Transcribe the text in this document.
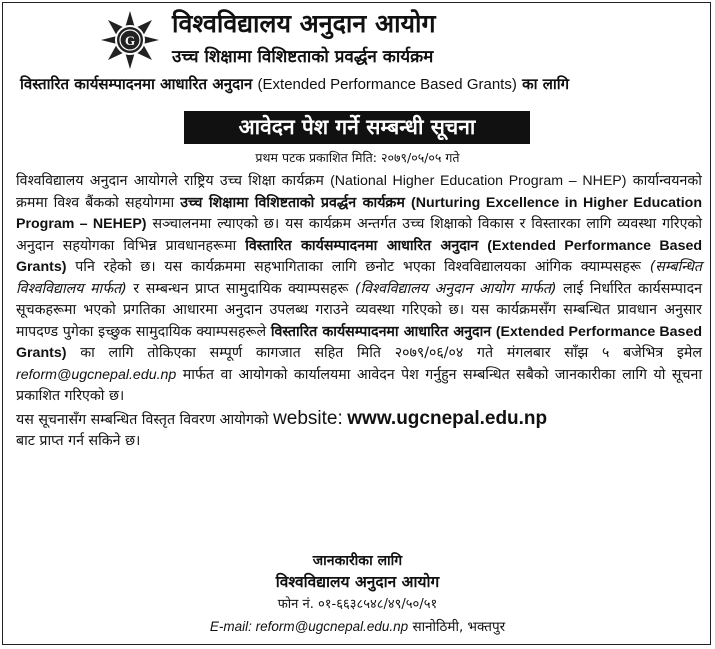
G
विश्वविद्यालय अनुदान आयोग
उच्च शिक्षामा विशिष्टताको प्रवर्द्धन कार्यक्रम
विस्तारित कार्यसम्पादनमा आधारित अनुदान (Extended Performance Based Grants) का लागि
आवेदन पेश गर्ने सम्बन्धी सूचना
प्रथम पटक प्रकाशित मिति: २०७९/०५/०५ गते

विश्वविद्यालय अनुदान आयोगले राष्ट्रिय उच्च शिक्षा कार्यक्रम (National Higher Education Program – NHEP) कार्यान्वयनको क्रममा विश्व बैंकको सहयोगमा उच्च शिक्षामा विशिष्टताको प्रवर्द्धन कार्यक्रम (Nurturing Excellence in Higher Education Program – NEHEP) सञ्चालनमा ल्याएको छ। यस कार्यक्रम अन्तर्गत उच्च शिक्षाको विकास र विस्तारका लागि व्यवस्था गरिएको अनुदान सहयोगका विभिन्न प्रावधानहरूमा विस्तारित कार्यसम्पादनमा आधारित अनुदान (Extended Performance Based Grants) पनि रहेको छ। यस कार्यक्रममा सहभागिताका लागि छनोट भएका विश्वविद्यालयका आंगिक क्याम्पसहरू (सम्बन्धित विश्वविद्यालय मार्फत) र सम्बन्धन प्राप्त सामुदायिक क्याम्पसहरू (विश्वविद्यालय अनुदान आयोग मार्फत) लाई निर्धारित कार्यसम्पादन सूचकहरूमा भएको प्रगतिका आधारमा अनुदान उपलब्ध गराउने व्यवस्था गरिएको छ। यस कार्यक्रमसँग सम्बन्धित प्रावधान अनुसार मापदण्ड पुगेका इच्छुक सामुदायिक क्याम्पसहरूले विस्तारित कार्यसम्पादनमा आधारित अनुदान (Extended Performance Based Grants) का लागि तोकिएका सम्पूर्ण कागजात सहित मिति २०७९/०६/०४ गते मंगलबार साँझ ५ बजेभित्र इमेल reform@ugcnepal.edu.np मार्फत वा आयोगको कार्यालयमा आवेदन पेश गर्नुहुन सम्बन्धित सबैको जानकारीका लागि यो सूचना प्रकाशित गरिएको छ।

यस सूचनासँग सम्बन्धित विस्तृत विवरण आयोगको website: www.ugcnepal.edu.np
बाट प्राप्त गर्न सकिने छ।

जानकारीका लागि
विश्वविद्यालय अनुदान आयोग
फोन नं. ०१-६६३८५४८/४९/५०/५१
E-mail: reform@ugcnepal.edu.np सानोठिमी, भक्तपुर
